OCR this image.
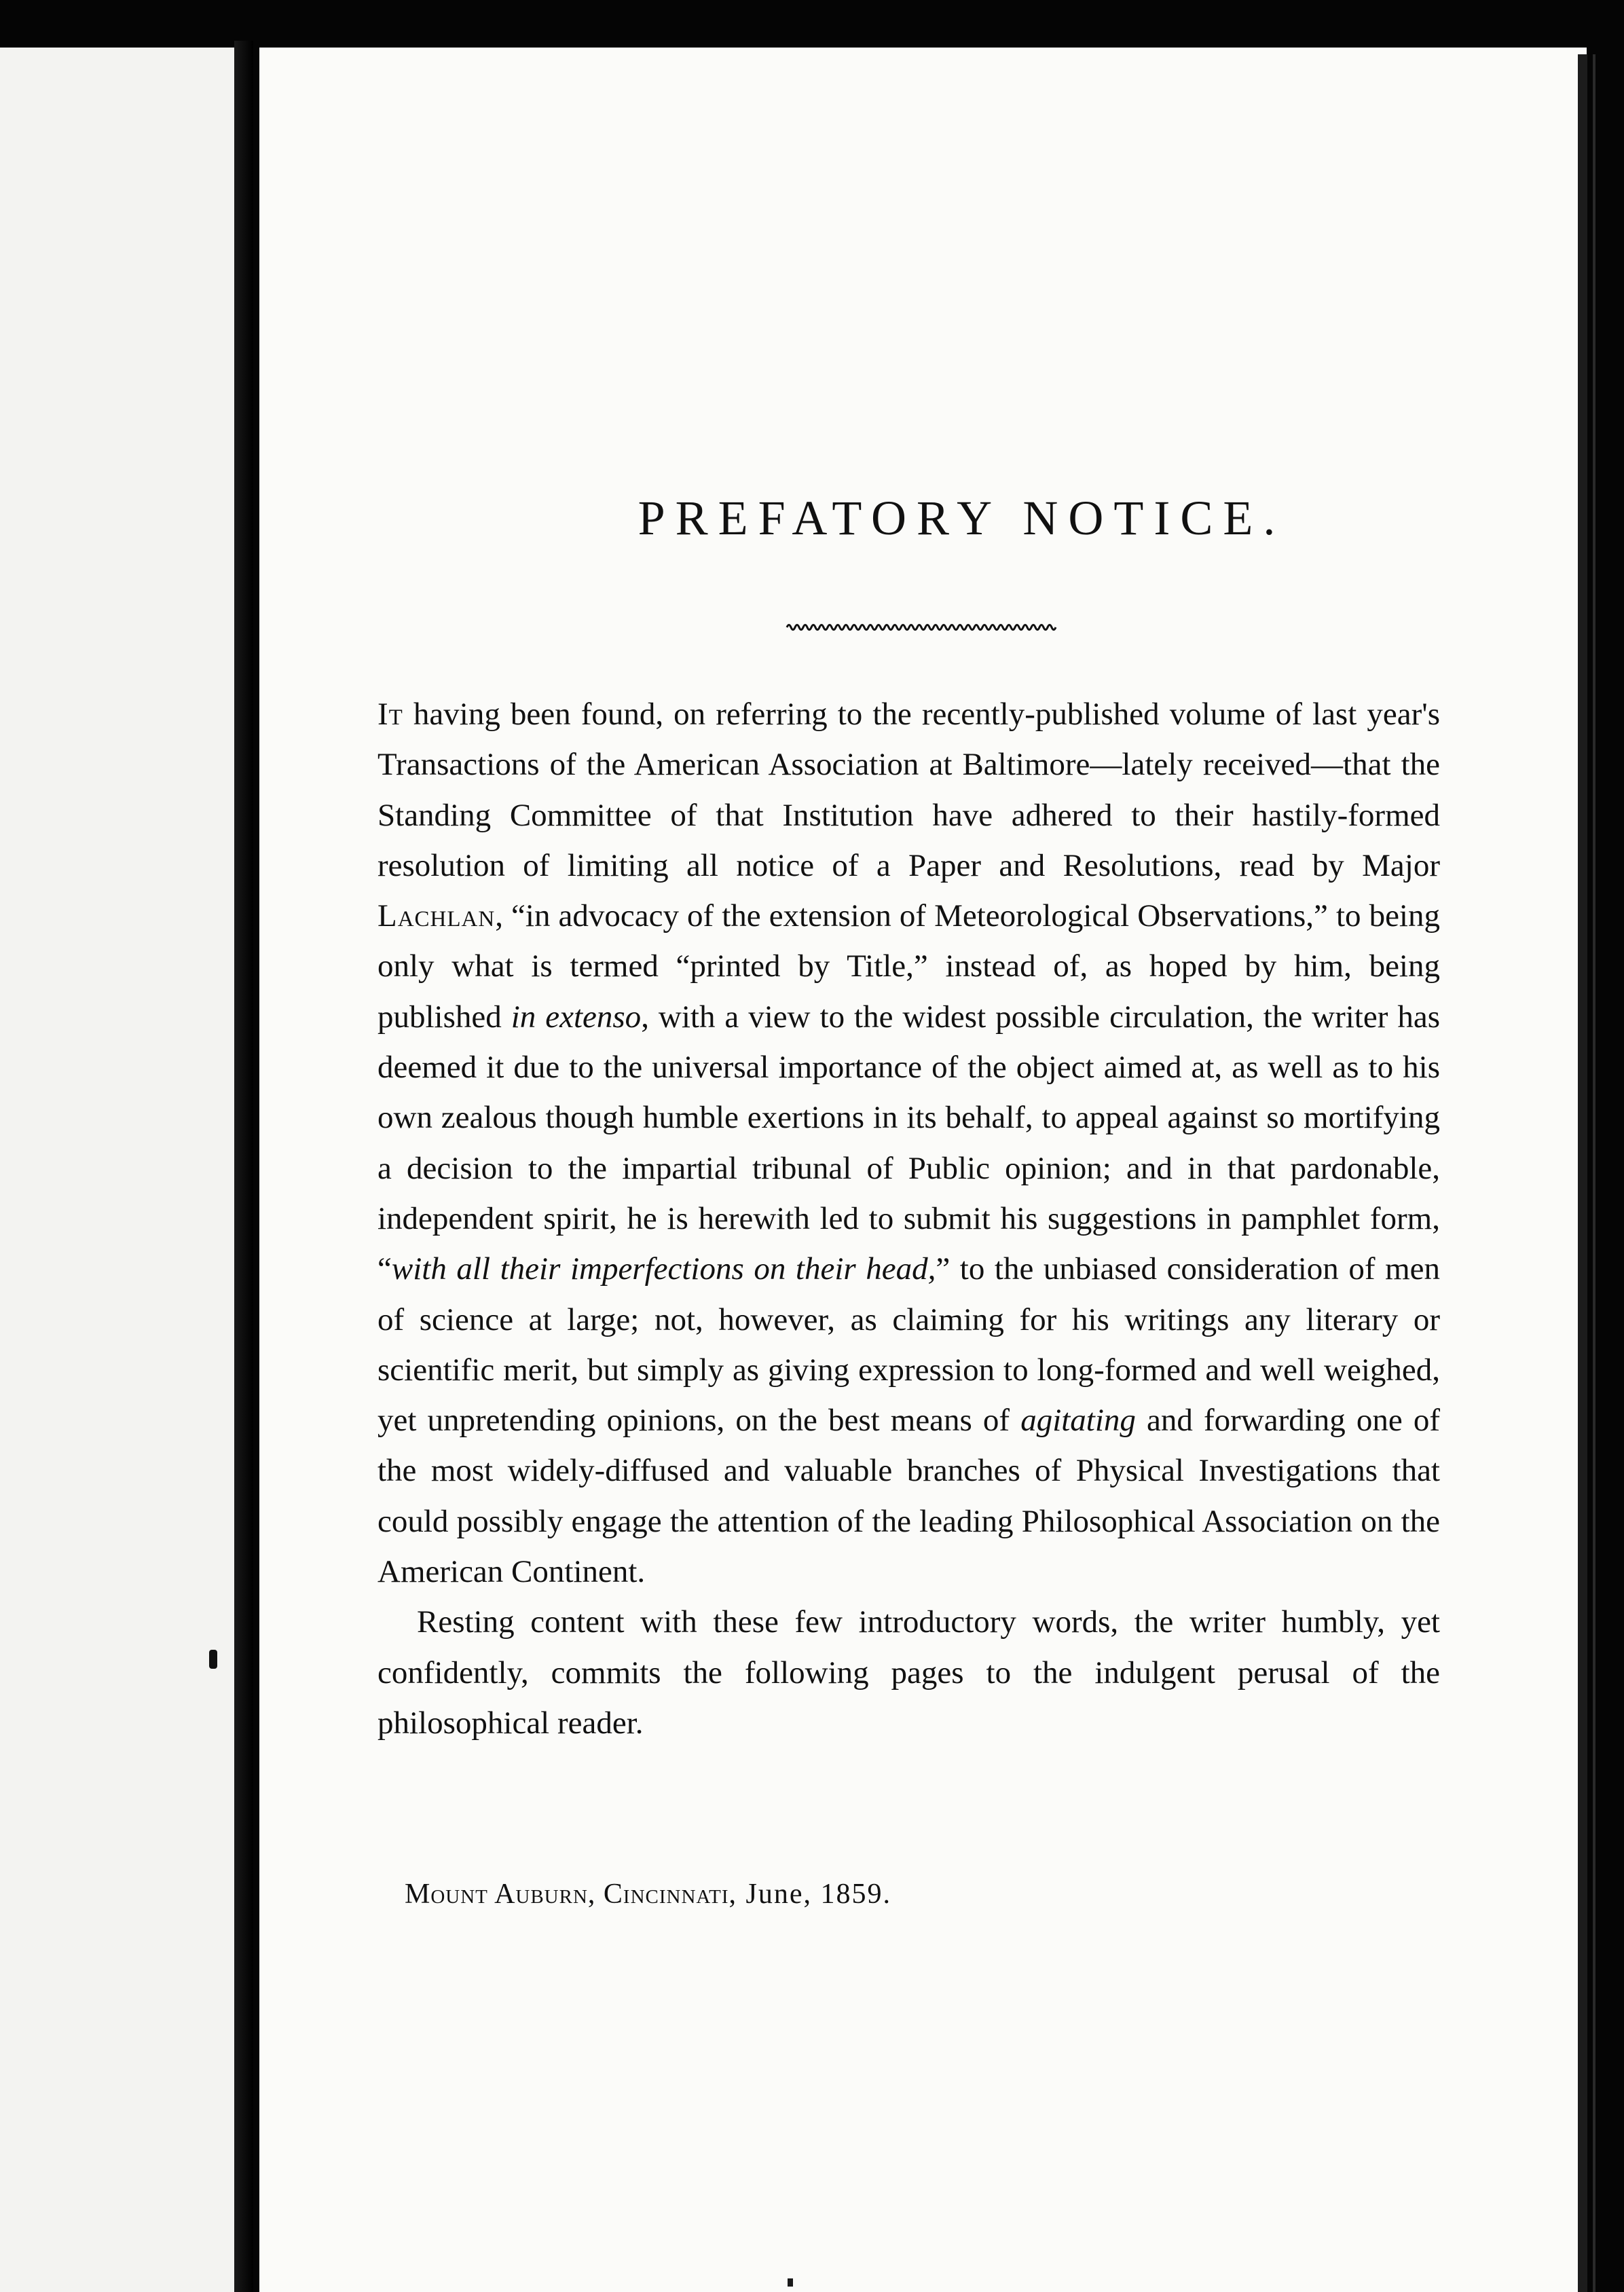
PREFATORY NOTICE.

It having been found, on referring to the recently-published volume of last year's Transactions of the American Association at Baltimore—lately received—that the Standing Committee of that Institution have adhered to their hastily-formed resolution of limiting all notice of a Paper and Resolutions, read by Major Lachlan, “in advocacy of the extension of Meteorological Observations,” to being only what is termed “printed by Title,” instead of, as hoped by him, being published in extenso, with a view to the widest possible circulation, the writer has deemed it due to the universal importance of the object aimed at, as well as to his own zealous though humble exertions in its behalf, to appeal against so mortifying a decision to the impartial tribunal of Public opinion; and in that pardonable, independent spirit, he is herewith led to submit his suggestions in pamphlet form, “with all their imperfections on their head,” to the unbiased consideration of men of science at large; not, however, as claiming for his writings any literary or scientific merit, but simply as giving expression to long-formed and well weighed, yet unpretending opinions, on the best means of agitating and forwarding one of the most widely-diffused and valuable branches of Physical Investigations that could possibly engage the attention of the leading Philosophical Association on the American Continent.

Resting content with these few introductory words, the writer humbly, yet confidently, commits the following pages to the indulgent perusal of the philosophical reader.

Mount Auburn, Cincinnati, June, 1859.
